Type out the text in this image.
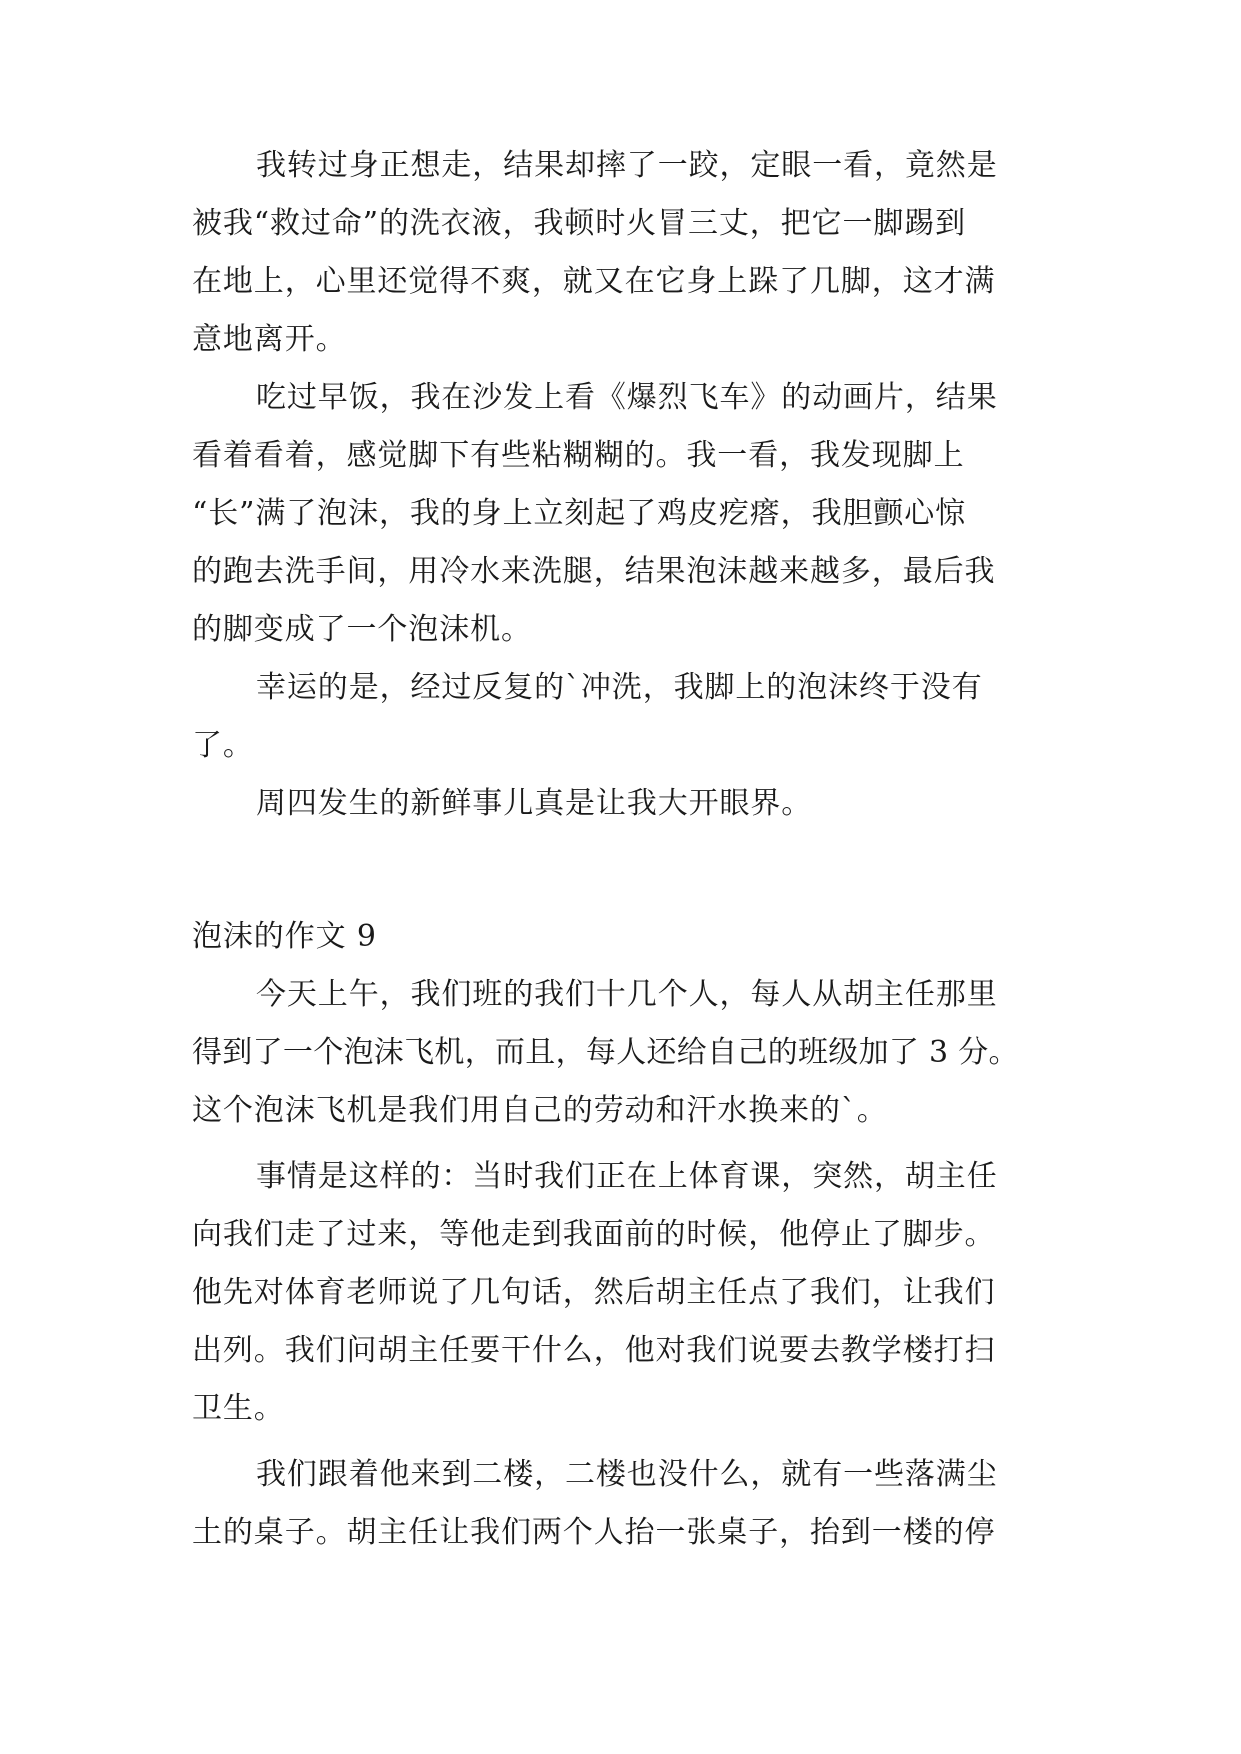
我转过身正想走，结果却摔了一跤，定眼一看，竟然是
被我“救过命”的洗衣液，我顿时火冒三丈，把它一脚踢到
在地上，心里还觉得不爽，就又在它身上跺了几脚，这才满
意地离开。
吃过早饭，我在沙发上看《爆烈飞车》的动画片，结果
看着看着，感觉脚下有些粘糊糊的。我一看，我发现脚上
“长”满了泡沫，我的身上立刻起了鸡皮疙瘩，我胆颤心惊
的跑去洗手间，用冷水来洗腿，结果泡沫越来越多，最后我
的脚变成了一个泡沫机。
幸运的是，经过反复的`冲洗，我脚上的泡沫终于没有
了。
周四发生的新鲜事儿真是让我大开眼界。
泡沫的作文 9
今天上午，我们班的我们十几个人，每人从胡主任那里
得到了一个泡沫飞机，而且，每人还给自己的班级加了 3 分。
这个泡沫飞机是我们用自己的劳动和汗水换来的`。
事情是这样的：当时我们正在上体育课，突然，胡主任
向我们走了过来，等他走到我面前的时候，他停止了脚步。
他先对体育老师说了几句话，然后胡主任点了我们，让我们
出列。我们问胡主任要干什么，他对我们说要去教学楼打扫
卫生。
我们跟着他来到二楼，二楼也没什么，就有一些落满尘
土的桌子。胡主任让我们两个人抬一张桌子，抬到一楼的停
